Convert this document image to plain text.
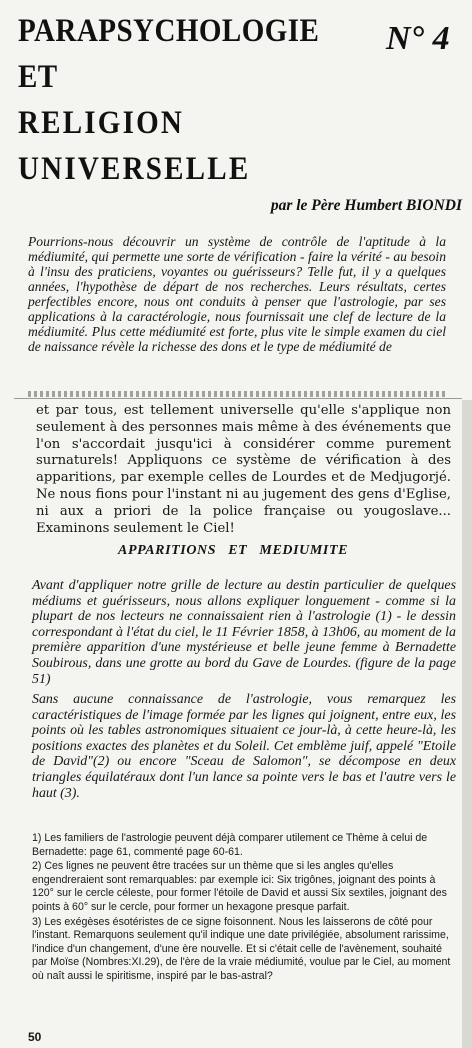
PARAPSYCHOLOGIE
ET
RELIGION UNIVERSELLE
N° 4
par le Père Humbert BIONDI

Pourrions-nous découvrir un système de contrôle de l'aptitude à la médiumité, qui permette une sorte de vérification - faire la vérité - au besoin à l'insu des praticiens, voyantes ou guérisseurs? Telle fut, il y a quelques années, l'hypothèse de départ de nos recherches. Leurs résultats, certes perfectibles encore, nous ont conduits à penser que l'astrologie, par ses applications à la caractérologie, nous fournissait une clef de lecture de la médiumité. Plus cette médiumité est forte, plus vite le simple examen du ciel de naissance révèle la richesse des dons et le type de médiumité de

et par tous, est tellement universelle qu'elle s'applique non seulement à des personnes mais même à des événements que l'on s'accordait jusqu'ici à considérer comme purement surnaturels! Appliquons ce système de vérification à des apparitions, par exemple celles de Lourdes et de Medjugorjé. Ne nous fions pour l'instant ni au jugement des gens d'Eglise, ni aux a priori de la police française ou yougoslave... Examinons seulement le Ciel!

APPARITIONS ET MEDIUMITE

Avant d'appliquer notre grille de lecture au destin particulier de quelques médiums et guérisseurs, nous allons expliquer longuement - comme si la plupart de nos lecteurs ne connaissaient rien à l'astrologie (1) - le dessin correspondant à l'état du ciel, le 11 Février 1858, à 13h06, au moment de la première apparition d'une mystérieuse et belle jeune femme à Bernadette Soubirous, dans une grotte au bord du Gave de Lourdes. (figure de la page 51)

Sans aucune connaissance de l'astrologie, vous remarquez les caractéristiques de l'image formée par les lignes qui joignent, entre eux, les points où les tables astronomiques situaient ce jour-là, à cette heure-là, les positions exactes des planètes et du Soleil. Cet emblème juif, appelé "Etoile de David"(2) ou encore "Sceau de Salomon", se décompose en deux triangles équilatéraux dont l'un lance sa pointe vers le bas et l'autre vers le haut (3).

1) Les familiers de l'astrologie peuvent déjà comparer utilement ce Thème à celui de Bernadette: page 61, commenté page 60-61.

2) Ces lignes ne peuvent être tracées sur un thème que si les angles qu'elles engendreraient sont remarquables: par exemple ici: Six trigônes, joignant des points à 120° sur le cercle céleste, pour former l'étoile de David et aussi Six sextiles, joignant des points à 60° sur le cercle, pour former un hexagone presque parfait.

3) Les exégèses ésotéristes de ce signe foisonnent. Nous les laisserons de côté pour l'instant. Remarquons seulement qu'il indique une date privilégiée, absolument rarissime, l'indice d'un changement, d'une ère nouvelle. Et si c'était celle de l'avènement, souhaité par Moïse (Nombres:XI.29), de l'ère de la vraie médiumité, voulue par le Ciel, au moment où naît aussi le spiritisme, inspiré par le bas-astral?

50
